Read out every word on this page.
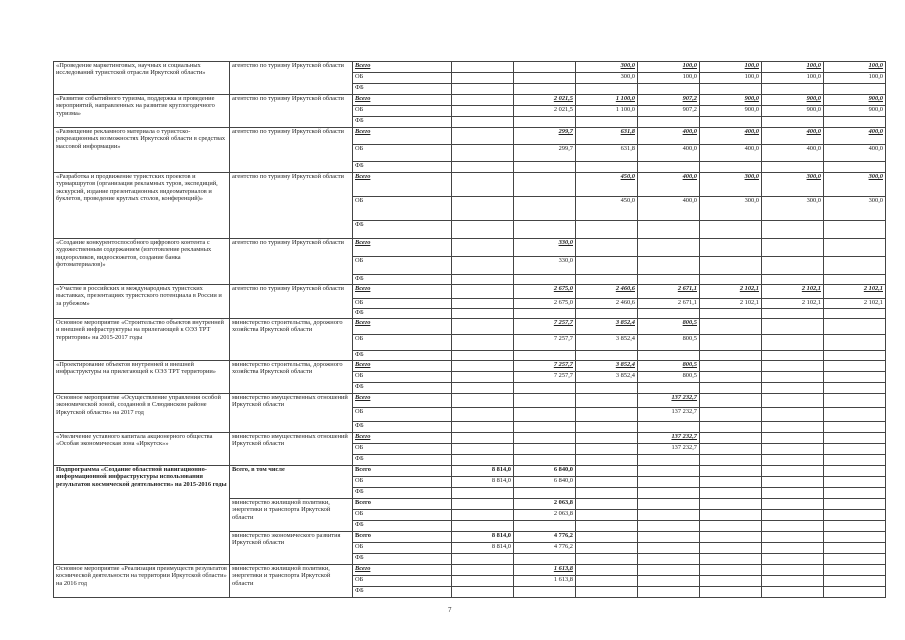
«Проведение маркетинговых, научных и социальных исследований туристской отрасли Иркутской области»	агентство по туризму Иркутской области	Всего			300,0	100,0	100,0	100,0	100,0
		ОБ			300,0	100,0	100,0	100,0	100,0
		ФБ							
«Развитие событийного туризма, поддержка и проведение мероприятий, направленных на развитие круглогодичного туризма»	агентство по туризму Иркутской области	Всего		2 021,5	1 100,0	907,2	900,0	900,0	900,0
		ОБ		2 021,5	1 100,0	907,2	900,0	900,0	900,0
		ФБ							
«Размещение рекламного материала о туристско-рекреационных возможностях Иркутской области в средствах массовой информации»	агентство по туризму Иркутской области	Всего		299,7	631,8	400,0	400,0	400,0	400,0
		ОБ		299,7	631,8	400,0	400,0	400,0	400,0
		ФБ							
«Разработка и продвижение туристских проектов и турмаршрутов (организация рекламных туров, экспедиций, экскурсий, издание презентационных видеоматериалов и буклетов, проведение круглых столов, конференций)»	агентство по туризму Иркутской области	Всего			450,0	400,0	300,0	300,0	300,0
		ОБ			450,0	400,0	300,0	300,0	300,0
		ФБ							
«Создание конкурентоспособного цифрового контента с художественным содержанием (изготовление рекламных видеороликов, видеосюжетов, создание банка фотоматериалов)»	агентство по туризму Иркутской области	Всего		330,0					
		ОБ		330,0					
		ФБ							
«Участие в российских и международных туристских выставках, презентациях туристского потенциала в России и за рубежом»	агентство по туризму Иркутской области	Всего		2 675,0	2 460,6	2 671,1	2 102,1	2 102,1	2 102,1
		ОБ		2 675,0	2 460,6	2 671,1	2 102,1	2 102,1	2 102,1
		ФБ							
Основное мероприятие «Строительство объектов внутренней и внешней инфраструктуры на прилегающей к ОЭЗ ТРТ территории» на 2015-2017 годы	министерство строительства, дорожного хозяйства Иркутской области	Всего		7 257,7	3 852,4	800,5			
		ОБ		7 257,7	3 852,4	800,5			
		ФБ							
«Проектирование объектов внутренней и внешней инфраструктуры на прилегающей к ОЭЗ ТРТ территории»	министерство строительства, дорожного хозяйства Иркутской области	Всего		7 257,7	3 852,4	800,5			
		ОБ		7 257,7	3 852,4	800,5			
		ФБ							
Основное мероприятие «Осуществление управления особой экономической зоной, созданной в Слюдянском районе Иркутской области» на 2017 год	министерство имущественных отношений Иркутской области	Всего				137 232,7			
		ОБ				137 232,7			
		ФБ							
«Увеличение уставного капитала акционерного общества «Особая экономическая зона «Иркутск»»	министерство имущественных отношений Иркутской области	Всего				137 232,7			
		ОБ				137 232,7			
		ФБ							
Подпрограмма «Создание областной навигационно-информационной инфраструктуры использования результатов космической деятельности» на 2015-2016 годы	Всего, в том числе	Всего	8 814,0	6 840,0					
		ОБ	8 814,0	6 840,0					
		ФБ							
	министерство жилищной политики, энергетики и транспорта Иркутской области	Всего		2 063,8					
		ОБ		2 063,8					
		ФБ							
	министерство экономического развития Иркутской области	Всего	8 814,0	4 776,2					
		ОБ	8 814,0	4 776,2					
		ФБ							
Основное мероприятие «Реализация преимуществ результатов космической деятельности на территории Иркутской области» на 2016 год	министерство жилищной политики, энергетики и транспорта Иркутской области	Всего		1 613,8					
		ОБ		1 613,8					
		ФБ							
7
